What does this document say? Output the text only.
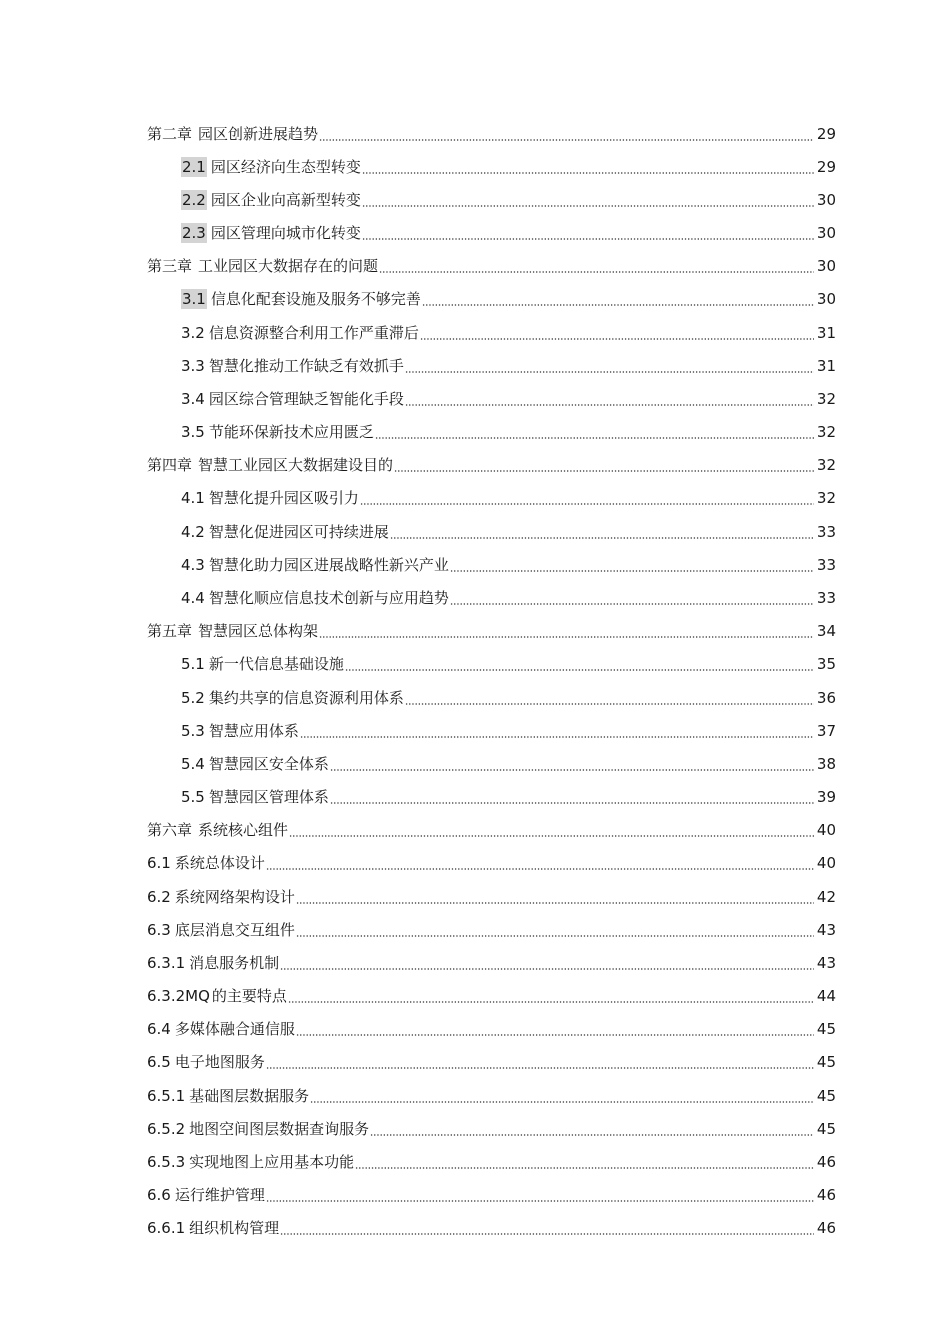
第二章 园区创新进展趋势	29
2.1 园区经济向生态型转变	29
2.2 园区企业向高新型转变	30
2.3 园区管理向城市化转变	30
第三章 工业园区大数据存在的问题	30
3.1 信息化配套设施及服务不够完善	30
3.2 信息资源整合利用工作严重滞后	31
3.3 智慧化推动工作缺乏有效抓手	31
3.4 园区综合管理缺乏智能化手段	32
3.5 节能环保新技术应用匮乏	32
第四章 智慧工业园区大数据建设目的	32
4.1 智慧化提升园区吸引力	32
4.2 智慧化促进园区可持续进展	33
4.3 智慧化助力园区进展战略性新兴产业	33
4.4 智慧化顺应信息技术创新与应用趋势	33
第五章 智慧园区总体构架	34
5.1 新一代信息基础设施	35
5.2 集约共享的信息资源利用体系	36
5.3 智慧应用体系	37
5.4 智慧园区安全体系	38
5.5 智慧园区管理体系	39
第六章 系统核心组件	40
6.1 系统总体设计	40
6.2 系统网络架构设计	42
6.3 底层消息交互组件	43
6.3.1 消息服务机制	43
6.3.2MQ 的主要特点	44
6.4 多媒体融合通信服	45
6.5 电子地图服务	45
6.5.1 基础图层数据服务	45
6.5.2 地图空间图层数据查询服务	45
6.5.3 实现地图上应用基本功能	46
6.6 运行维护管理	46
6.6.1 组织机构管理	46
